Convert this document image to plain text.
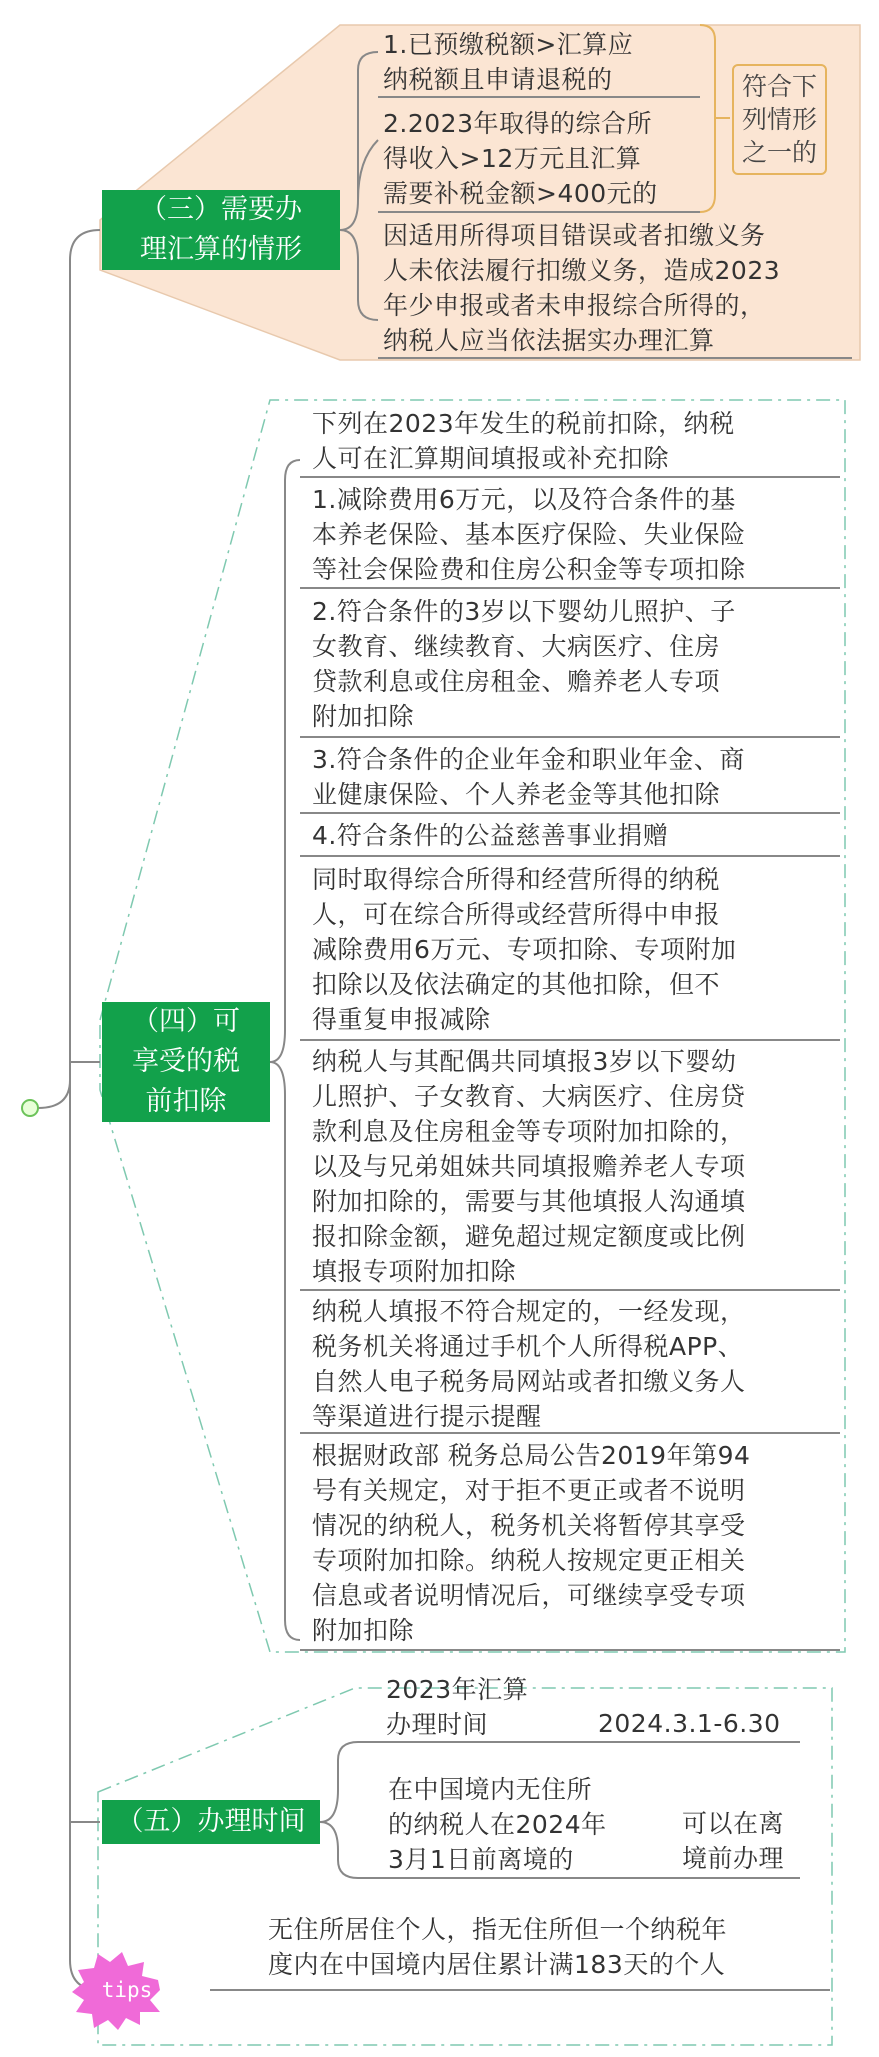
（三）需要办
理汇算的情形
1.已预缴税额>汇算应
纳税额且申请退税的
2.2023年取得的综合所
得收入>12万元且汇算
需要补税金额>400元的
符合下
列情形
之一的
因适用所得项目错误或者扣缴义务
人未依法履行扣缴义务，造成2023
年少申报或者未申报综合所得的，
纳税人应当依法据实办理汇算
（四）可
享受的税
前扣除
下列在2023年发生的税前扣除，纳税
人可在汇算期间填报或补充扣除
1.减除费用6万元，以及符合条件的基
本养老保险、基本医疗保险、失业保险
等社会保险费和住房公积金等专项扣除
2.符合条件的3岁以下婴幼儿照护、子
女教育、继续教育、大病医疗、住房
贷款利息或住房租金、赡养老人专项
附加扣除
3.符合条件的企业年金和职业年金、商
业健康保险、个人养老金等其他扣除
4.符合条件的公益慈善事业捐赠
同时取得综合所得和经营所得的纳税
人，可在综合所得或经营所得中申报
减除费用6万元、专项扣除、专项附加
扣除以及依法确定的其他扣除，但不
得重复申报减除
纳税人与其配偶共同填报3岁以下婴幼
儿照护、子女教育、大病医疗、住房贷
款利息及住房租金等专项附加扣除的，
以及与兄弟姐妹共同填报赡养老人专项
附加扣除的，需要与其他填报人沟通填
报扣除金额，避免超过规定额度或比例
填报专项附加扣除
纳税人填报不符合规定的，一经发现，
税务机关将通过手机个人所得税APP、
自然人电子税务局网站或者扣缴义务人
等渠道进行提示提醒
根据财政部 税务总局公告2019年第94
号有关规定，对于拒不更正或者不说明
情况的纳税人，税务机关将暂停其享受
专项附加扣除。纳税人按规定更正相关
信息或者说明情况后，可继续享受专项
附加扣除
（五）办理时间
2023年汇算
办理时间	2024.3.1-6.30
在中国境内无住所
的纳税人在2024年
3月1日前离境的
可以在离
境前办理
tips
无住所居住个人，指无住所但一个纳税年
度内在中国境内居住累计满183天的个人
